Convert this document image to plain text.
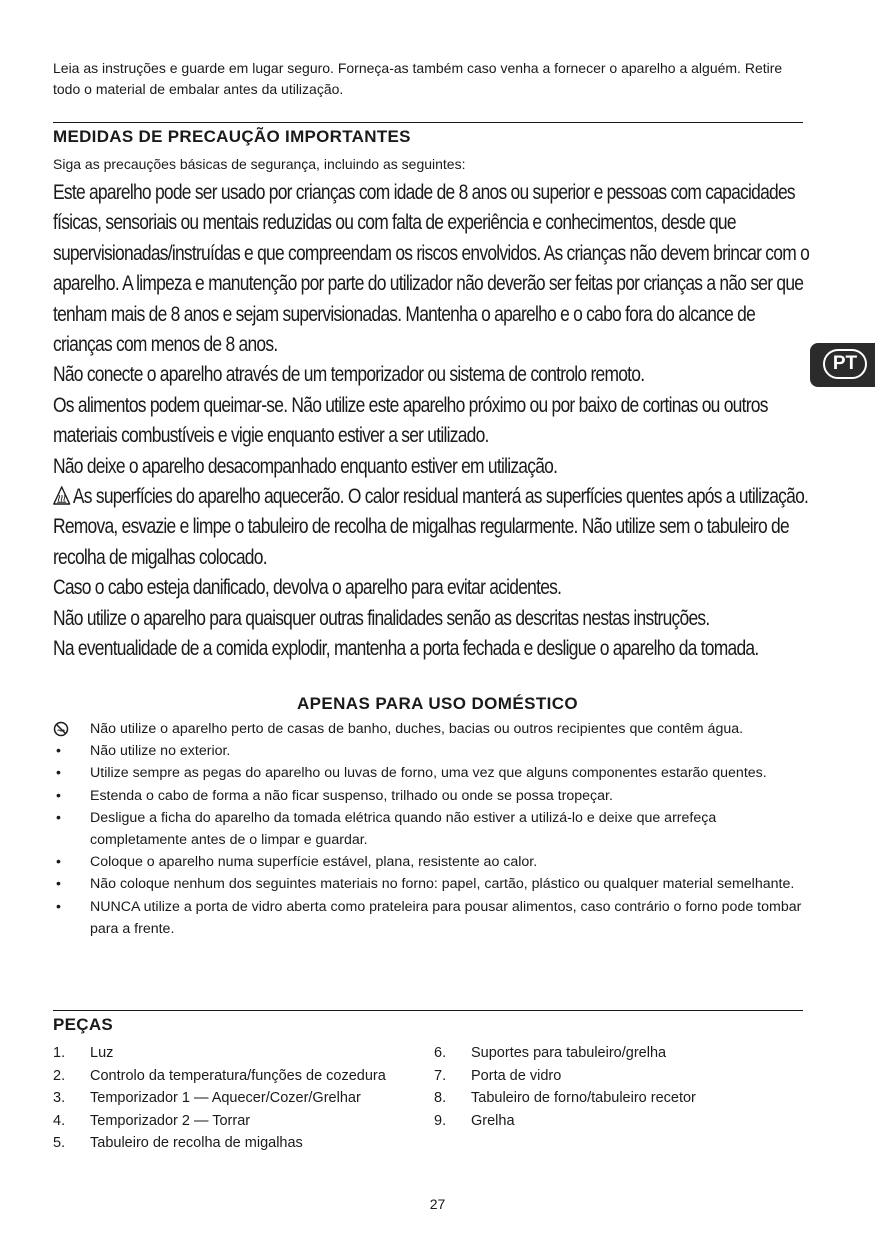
Leia as instruções e guarde em lugar seguro. Forneça-as também caso venha a fornecer o aparelho a alguém. Retire todo o material de embalar antes da utilização.

MEDIDAS DE PRECAUÇÃO IMPORTANTES

Siga as precauções básicas de segurança, incluindo as seguintes:

Este aparelho pode ser usado por crianças com idade de 8 anos ou superior e pessoas com capacidades físicas, sensoriais ou mentais reduzidas ou com falta de experiência e conhecimentos, desde que supervisionadas/instruídas e que compreendam os riscos envolvidos. As crianças não devem brincar com o aparelho. A limpeza e manutenção por parte do utilizador não deverão ser feitas por crianças a não ser que tenham mais de 8 anos e sejam supervisionadas. Mantenha o aparelho e o cabo fora do alcance de crianças com menos de 8 anos.

Não conecte o aparelho através de um temporizador ou sistema de controlo remoto.

Os alimentos podem queimar-se. Não utilize este aparelho próximo ou por baixo de cortinas ou outros materiais combustíveis e vigie enquanto estiver a ser utilizado.

Não deixe o aparelho desacompanhado enquanto estiver em utilização.

As superfícies do aparelho aquecerão. O calor residual manterá as superfícies quentes após a utilização.

Remova, esvazie e limpe o tabuleiro de recolha de migalhas regularmente. Não utilize sem o tabuleiro de recolha de migalhas colocado.

Caso o cabo esteja danificado, devolva o aparelho para evitar acidentes.

Não utilize o aparelho para quaisquer outras finalidades senão as descritas nestas instruções.

Na eventualidade de a comida explodir, mantenha a porta fechada e desligue o aparelho da tomada.

APENAS PARA USO DOMÉSTICO
Não utilize o aparelho perto de casas de banho, duches, bacias ou outros recipientes que contêm água.
• Não utilize no exterior.
• Utilize sempre as pegas do aparelho ou luvas de forno, uma vez que alguns componentes estarão quentes.
• Estenda o cabo de forma a não ficar suspenso, trilhado ou onde se possa tropeçar.
• Desligue a ficha do aparelho da tomada elétrica quando não estiver a utilizá-lo e deixe que arrefeça completamente antes de o limpar e guardar.
• Coloque o aparelho numa superfície estável, plana, resistente ao calor.
• Não coloque nenhum dos seguintes materiais no forno: papel, cartão, plástico ou qualquer material semelhante.
• NUNCA utilize a porta de vidro aberta como prateleira para pousar alimentos, caso contrário o forno pode tombar para a frente.
PEÇAS
1. Luz
2. Controlo da temperatura/funções de cozedura
3. Temporizador 1 — Aquecer/Cozer/Grelhar
4. Temporizador 2 — Torrar
5. Tabuleiro de recolha de migalhas
6. Suportes para tabuleiro/grelha
7. Porta de vidro
8. Tabuleiro de forno/tabuleiro recetor
9. Grelha
PT

27
